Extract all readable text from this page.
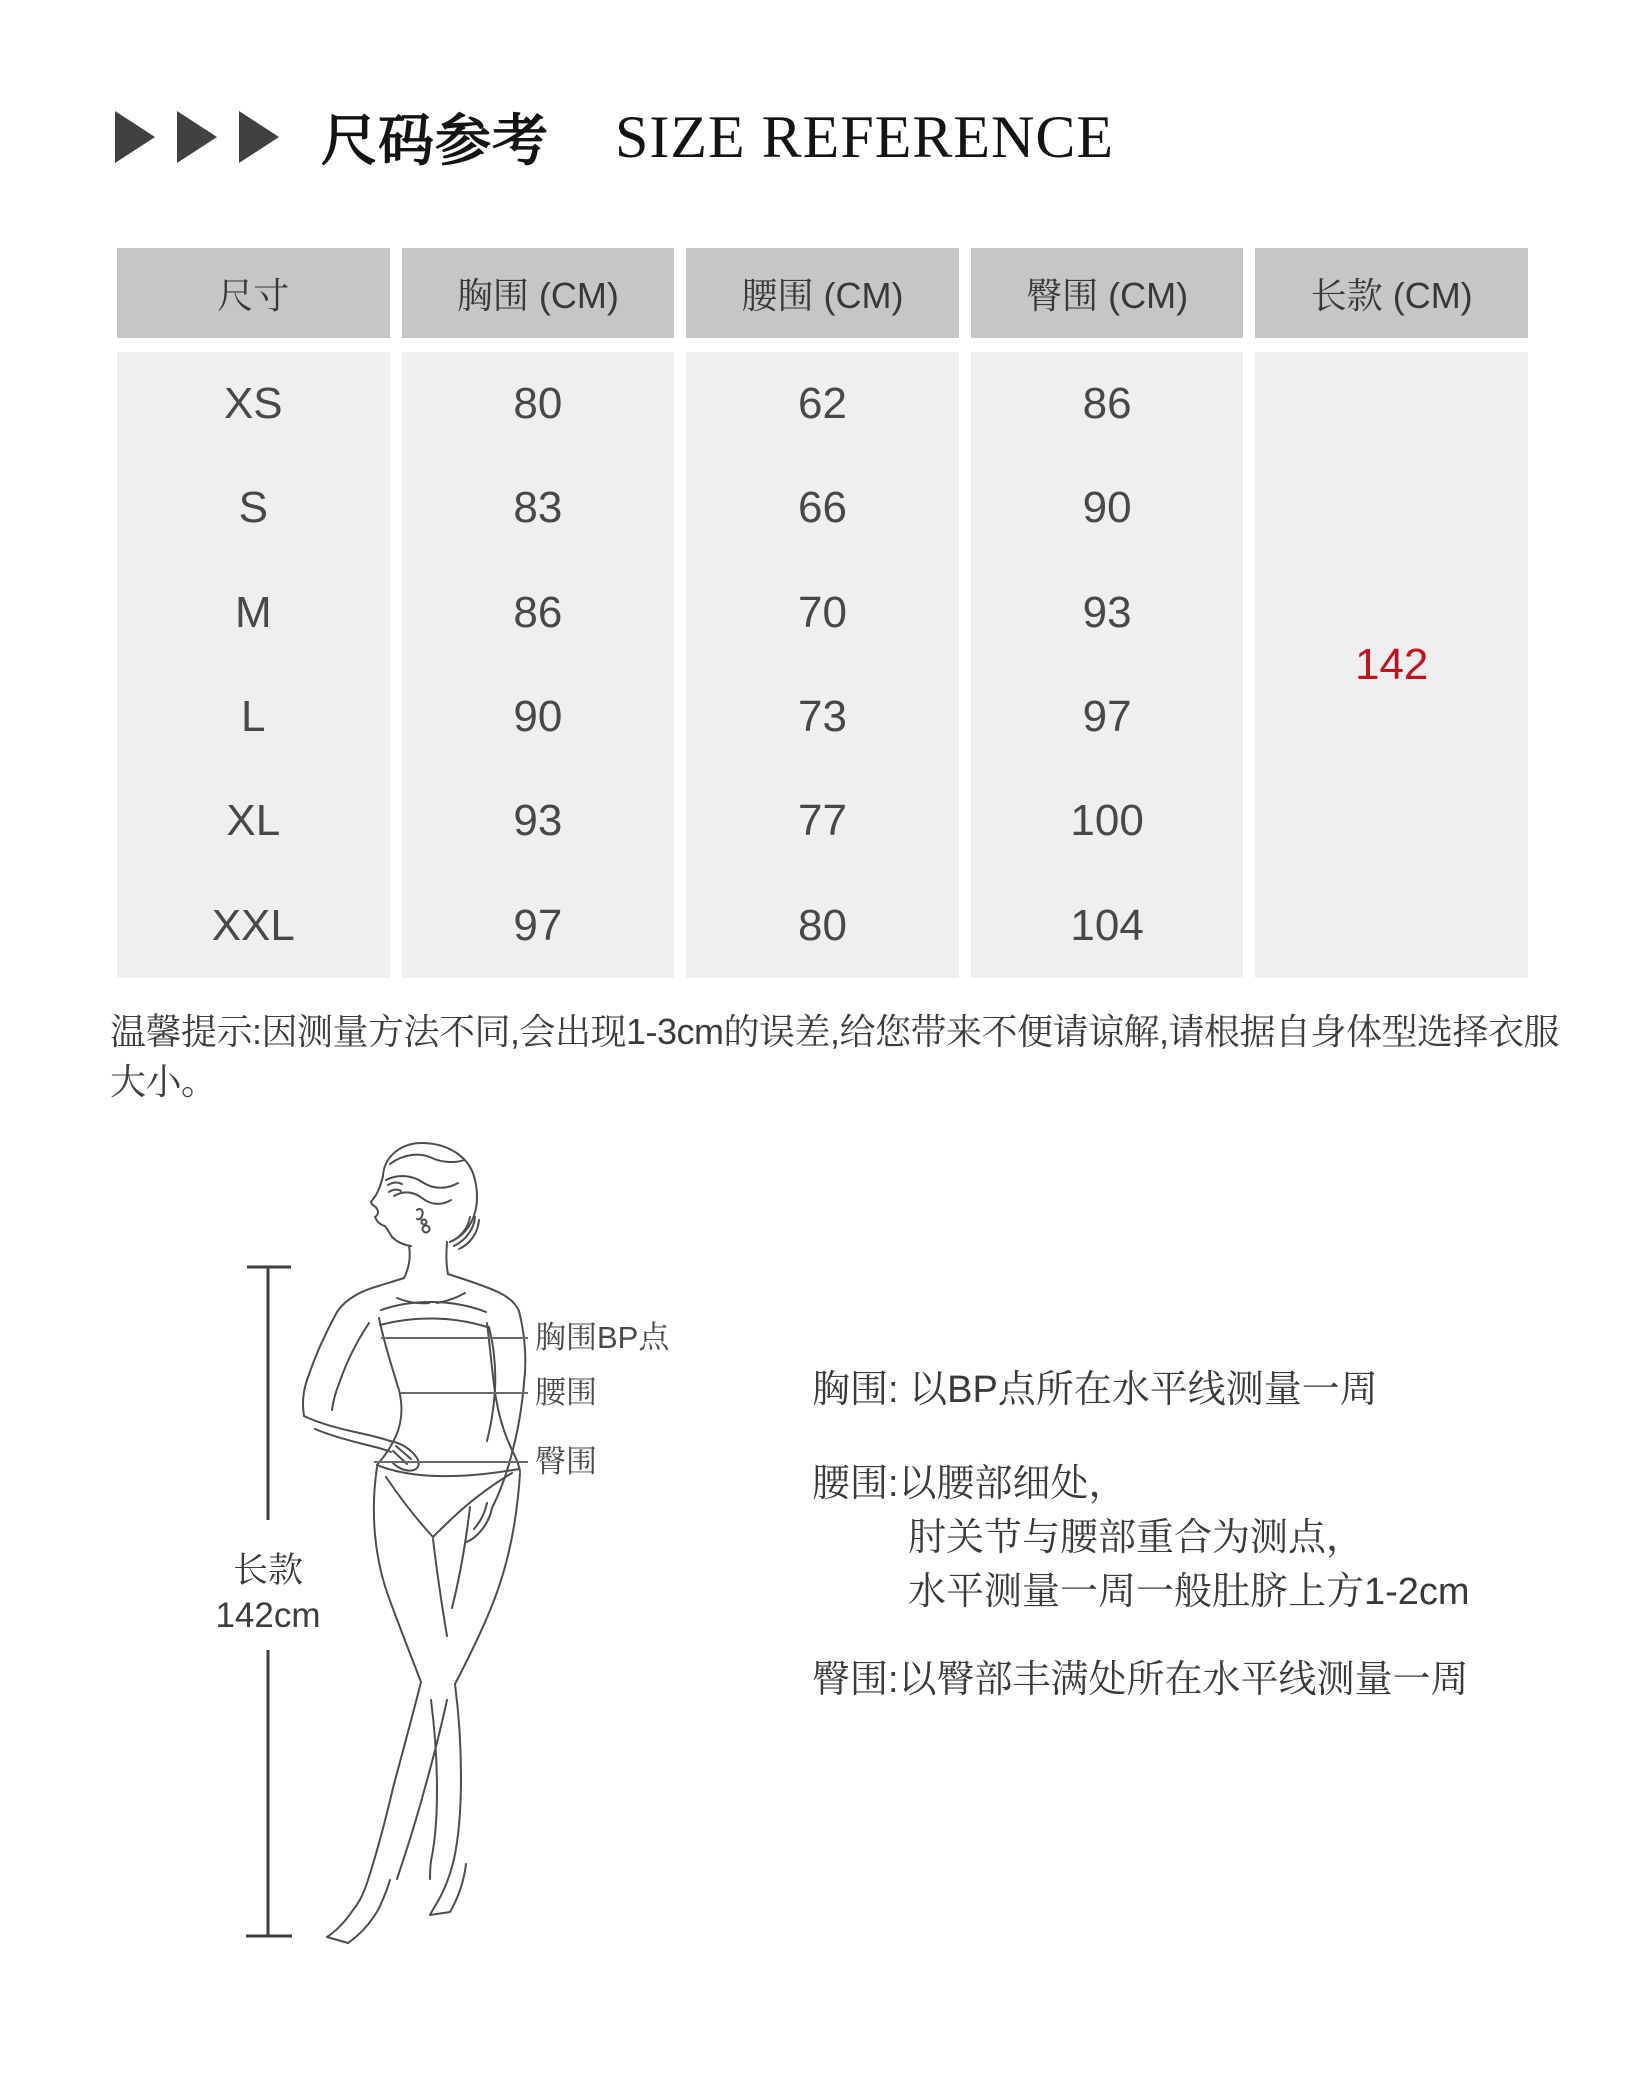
尺码参考 SIZE REFERENCE
尺寸
XS
S
M
L
XL
XXL
胸围 (CM)
80
83
86
90
93
97
腰围 (CM)
62
66
70
73
77
80
臀围 (CM)
86
90
93
97
100
104
长款 (CM)
142
温馨提示:因测量方法不同,会出现1-3cm的误差,给您带来不便请谅解,请根据自身体型选择衣服大小。
胸围BP点
腰围
臀围
长款
142cm
胸围: 以BP点所在水平线测量一周
腰围:以腰部细处，
肘关节与腰部重合为测点，
水平测量一周一般肚脐上方1-2cm
臀围:以臀部丰满处所在水平线测量一周
